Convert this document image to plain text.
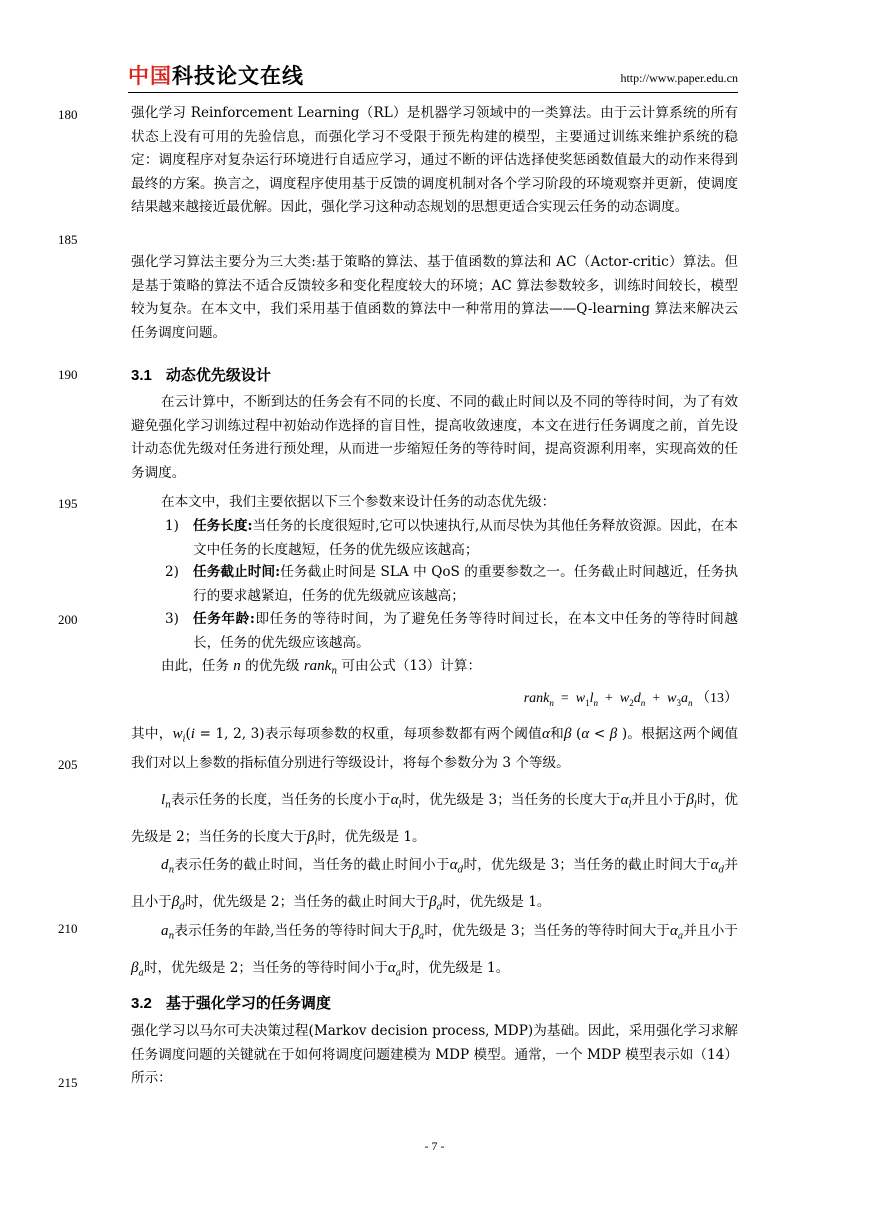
中国科技论文在线	http://www.paper.edu.cn
180
185
190
195
200
205
210
215

强化学习 Reinforcement Learning（RL）是机器学习领域中的一类算法。由于云计算系统的所有状态上没有可用的先验信息，而强化学习不受限于预先构建的模型，主要通过训练来维护系统的稳定：调度程序对复杂运行环境进行自适应学习，通过不断的评估选择使奖惩函数值最大的动作来得到最终的方案。换言之，调度程序使用基于反馈的调度机制对各个学习阶段的环境观察并更新，使调度结果越来越接近最优解。因此，强化学习这种动态规划的思想更适合实现云任务的动态调度。

强化学习算法主要分为三大类:基于策略的算法、基于值函数的算法和 AC（Actor-critic）算法。但是基于策略的算法不适合反馈较多和变化程度较大的环境；AC 算法参数较多，训练时间较长，模型较为复杂。在本文中，我们采用基于值函数的算法中一种常用的算法——Q-learning 算法来解决云任务调度问题。

3.1 动态优先级设计

在云计算中，不断到达的任务会有不同的长度、不同的截止时间以及不同的等待时间，为了有效避免强化学习训练过程中初始动作选择的盲目性，提高收敛速度，本文在进行任务调度之前，首先设计动态优先级对任务进行预处理，从而进一步缩短任务的等待时间，提高资源利用率，实现高效的任务调度。

在本文中，我们主要依据以下三个参数来设计任务的动态优先级：

1) 任务长度:当任务的长度很短时,它可以快速执行,从而尽快为其他任务释放资源。因此，在本文中任务的长度越短，任务的优先级应该越高；
2) 任务截止时间:任务截止时间是 SLA 中 QoS 的重要参数之一。任务截止时间越近，任务执行的要求越紧迫，任务的优先级就应该越高；
3) 任务年龄:即任务的等待时间，为了避免任务等待时间过长，在本文中任务的等待时间越长，任务的优先级应该越高。

由此，任务 n 的优先级 rank$_n$ 可由公式（13）计算：

rank$_n$  =  $w_1l_n + w_2d_n + w_3a_n$ （13）

其中，$w_i(i = 1$, 2, 3)表示每项参数的权重，每项参数都有两个阈值α和β (α < β )。根据这两个阈值我们对以上参数的指标值分别进行等级设计，将每个参数分为 3 个等级。

$l_n$表示任务的长度，当任务的长度小于$\alpha_l$时，优先级是 3；当任务的长度大于$\alpha_l$并且小于$\beta_l$时，优先级是 2；当任务的长度大于$\beta_l$时，优先级是 1。

$d_n$表示任务的截止时间，当任务的截止时间小于$\alpha_d$时，优先级是 3；当任务的截止时间大于$\alpha_d$并且小于$\beta_d$时，优先级是 2；当任务的截止时间大于$\beta_d$时，优先级是 1。

$a_n$表示任务的年龄,当任务的等待时间大于$\beta_a$时，优先级是 3；当任务的等待时间大于$\alpha_a$并且小于$\beta_a$时，优先级是 2；当任务的等待时间小于$\alpha_a$时，优先级是 1。

3.2 基于强化学习的任务调度

强化学习以马尔可夫决策过程(Markov decision process, MDP)为基础。因此，采用强化学习求解任务调度问题的关键就在于如何将调度问题建模为 MDP 模型。通常，一个 MDP 模型表示如（14）所示：

- 7 -
